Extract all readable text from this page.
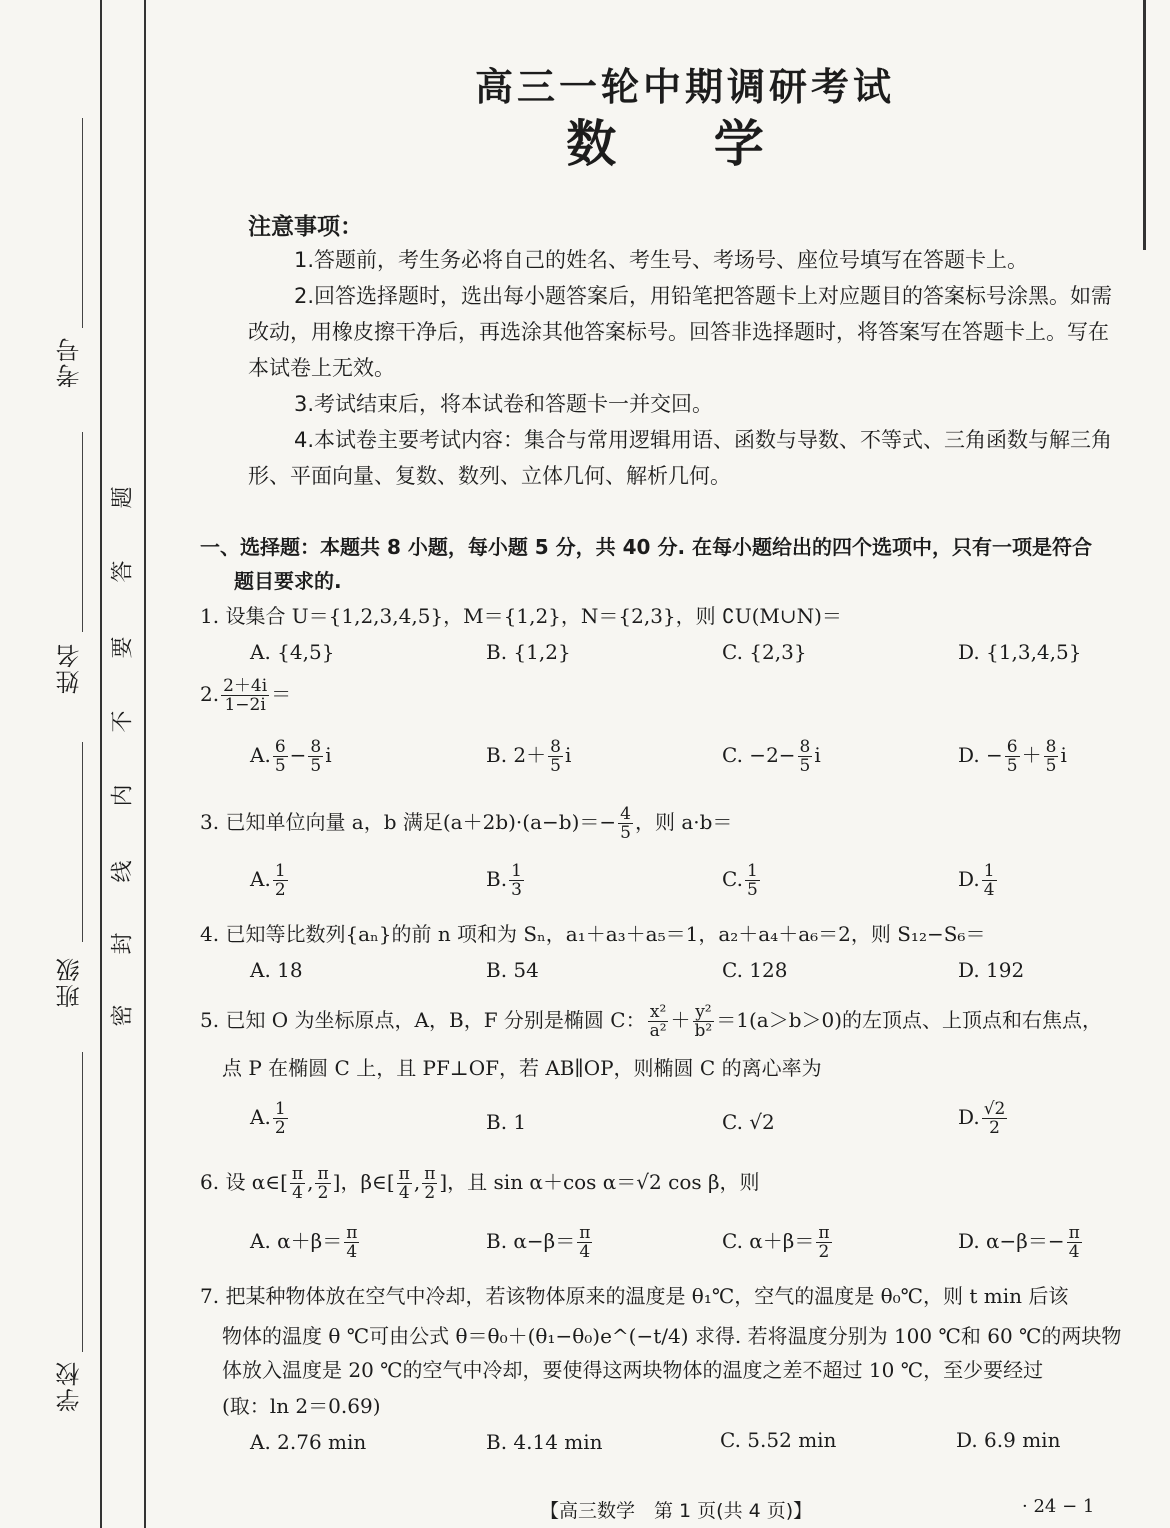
考号
姓名
班级
学校
题
答
要
不
内
线
封
密
高三一轮中期调研考试
数 学
注意事项：
1.答题前，考生务必将自己的姓名、考生号、考场号、座位号填写在答题卡上。
2.回答选择题时，选出每小题答案后，用铅笔把答题卡上对应题目的答案标号涂黑。如需改动，用橡皮擦干净后，再选涂其他答案标号。回答非选择题时，将答案写在答题卡上。写在本试卷上无效。
3.考试结束后，将本试卷和答题卡一并交回。
4.本试卷主要考试内容：集合与常用逻辑用语、函数与导数、不等式、三角函数与解三角形、平面向量、复数、数列、立体几何、解析几何。
一、选择题：本题共 8 小题，每小题 5 分，共 40 分. 在每小题给出的四个选项中，只有一项是符合
题目要求的.
1. 设集合 U＝{1,2,3,4,5}，M＝{1,2}，N＝{2,3}，则 ∁U(M∪N)＝
A. {4,5}	B. {1,2}	C. {2,3}	D. {1,3,4,5}
2. $\frac{2+4i}{1-2i}$ ＝
A. $\frac{6}{5} - \frac{8}{5}$ i	B. $2+ \frac{8}{5}$ i	C. $-2- \frac{8}{5}$ i	D. − $\frac{6}{5} + \frac{8}{5}$ i
3. 已知单位向量 a，b 满足$(a+2b)\cdot(a-b)=- \frac{4}{5}$ ，则 a·b＝
A. $\frac{1}{2}$	B. $\frac{1}{3}$	C. $\frac{1}{5}$	D. $\frac{1}{4}$
4. 已知等比数列{aₙ}的前 n 项和为 Sₙ，a₁＋a₃＋a₅＝1，a₂＋a₄＋a₆＝2，则 S₁₂−S₆＝
A. 18	B. 54	C. 128	D. 192
5. 已知 O 为坐标原点，A，B，F 分别是椭圆 C： $\frac{\text{x²}}{\text{a²}} + \frac{\text{y²}}{\text{b²}} =1(a>b>0)$的左顶点、上顶点和右焦点，
点 P 在椭圆 C 上，且 PF⊥OF，若 AB∥OP，则椭圆 C 的离心率为
A. $\frac{1}{2}$	B. 1	C. √2	D. $\frac{√2}{2}$
6. 设 α∈[ $\frac{\pi}{4}$ , $\frac{\pi}{2}$ ]，β∈[ $\frac{\pi}{4}$ , $\frac{\pi}{2}$ ]，且 sin α＋cos α＝√2 cos β，则
A. $\alpha+\beta= \frac{\pi}{4}$	B. $\alpha-\beta= \frac{\pi}{4}$	C. $\alpha+\beta= \frac{\pi}{2}$	D. $\alpha-\beta=- \frac{\pi}{4}$
7. 把某种物体放在空气中冷却，若该物体原来的温度是 θ₁℃，空气的温度是 θ₀℃，则 t min 后该
物体的温度 θ ℃可由公式 θ＝θ₀＋(θ₁−θ₀)e^(−t/4) 求得. 若将温度分别为 100 ℃和 60 ℃的两块物
体放入温度是 20 ℃的空气中冷却，要使得这两块物体的温度之差不超过 10 ℃，至少要经过
(取：ln 2＝0.69)
A. 2.76 min	B. 4.14 min	C. 5.52 min	D. 6.9 min
【高三数学　第 1 页(共 4 页)】	· 24 − 1
